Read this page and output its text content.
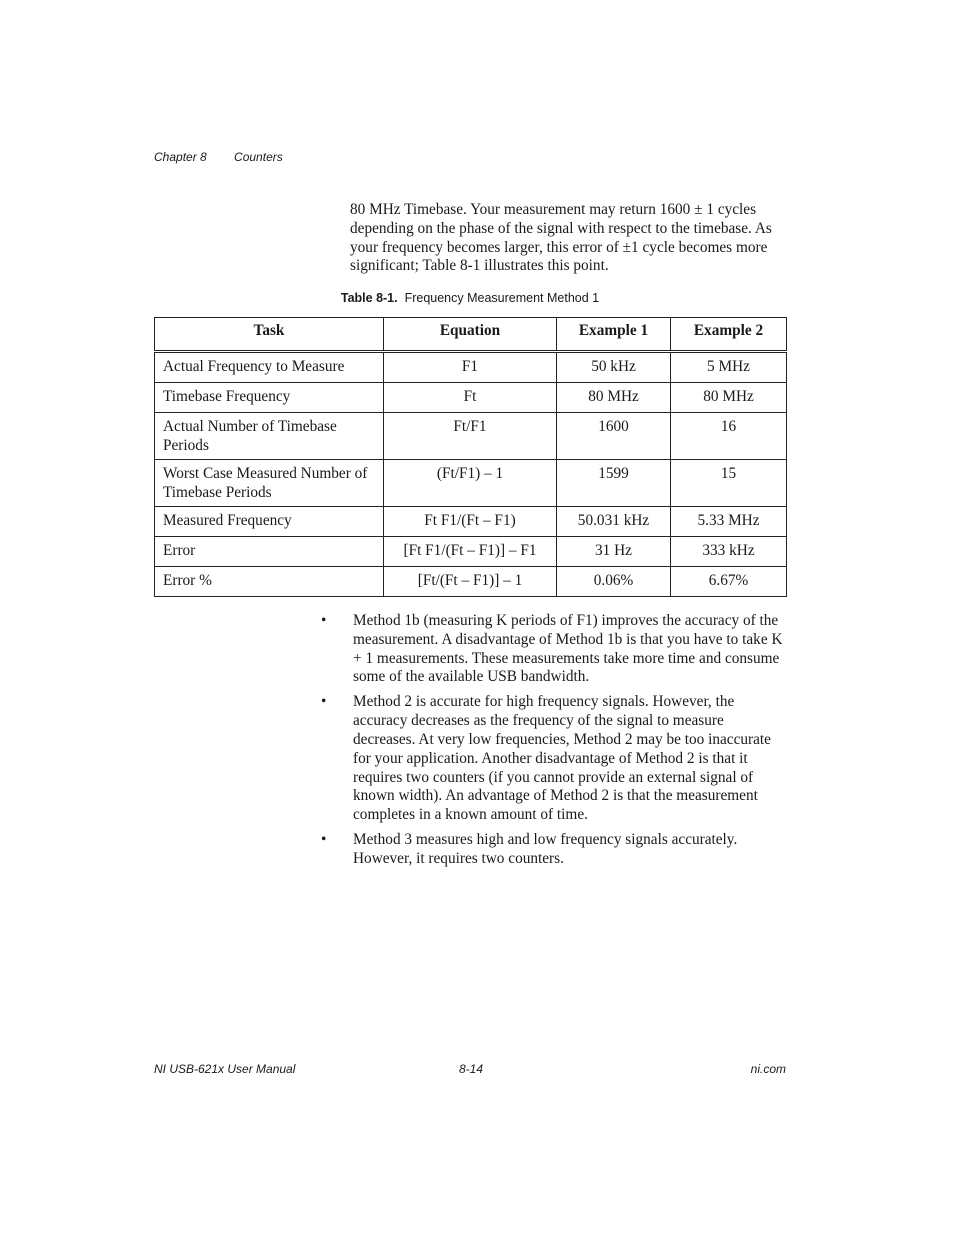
Chapter 8 Counters

80 MHz Timebase. Your measurement may return 1600 ± 1 cycles depending on the phase of the signal with respect to the timebase. As your frequency becomes larger, this error of ±1 cycle becomes more significant; Table 8-1 illustrates this point.

Table 8-1. Frequency Measurement Method 1
Task	Equation	Example 1	Example 2
Actual Frequency to Measure	F1	50 kHz	5 MHz
Timebase Frequency	Ft	80 MHz	80 MHz
Actual Number of Timebase Periods	Ft/F1	1600	16
Worst Case Measured Number of Timebase Periods	(Ft/F1) – 1	1599	15
Measured Frequency	Ft F1/(Ft – F1)	50.031 kHz	5.33 MHz
Error	[Ft F1/(Ft – F1)] – F1	31 Hz	333 kHz
Error %	[Ft/(Ft – F1)] – 1	0.06%	6.67%
•	Method 1b (measuring K periods of F1) improves the accuracy of the measurement. A disadvantage of Method 1b is that you have to take K + 1 measurements. These measurements take more time and consume some of the available USB bandwidth.
•	Method 2 is accurate for high frequency signals. However, the accuracy decreases as the frequency of the signal to measure decreases. At very low frequencies, Method 2 may be too inaccurate for your application. Another disadvantage of Method 2 is that it requires two counters (if you cannot provide an external signal of known width). An advantage of Method 2 is that the measurement completes in a known amount of time.
•	Method 3 measures high and low frequency signals accurately. However, it requires two counters.
NI USB-621x User Manual	8-14	ni.com
